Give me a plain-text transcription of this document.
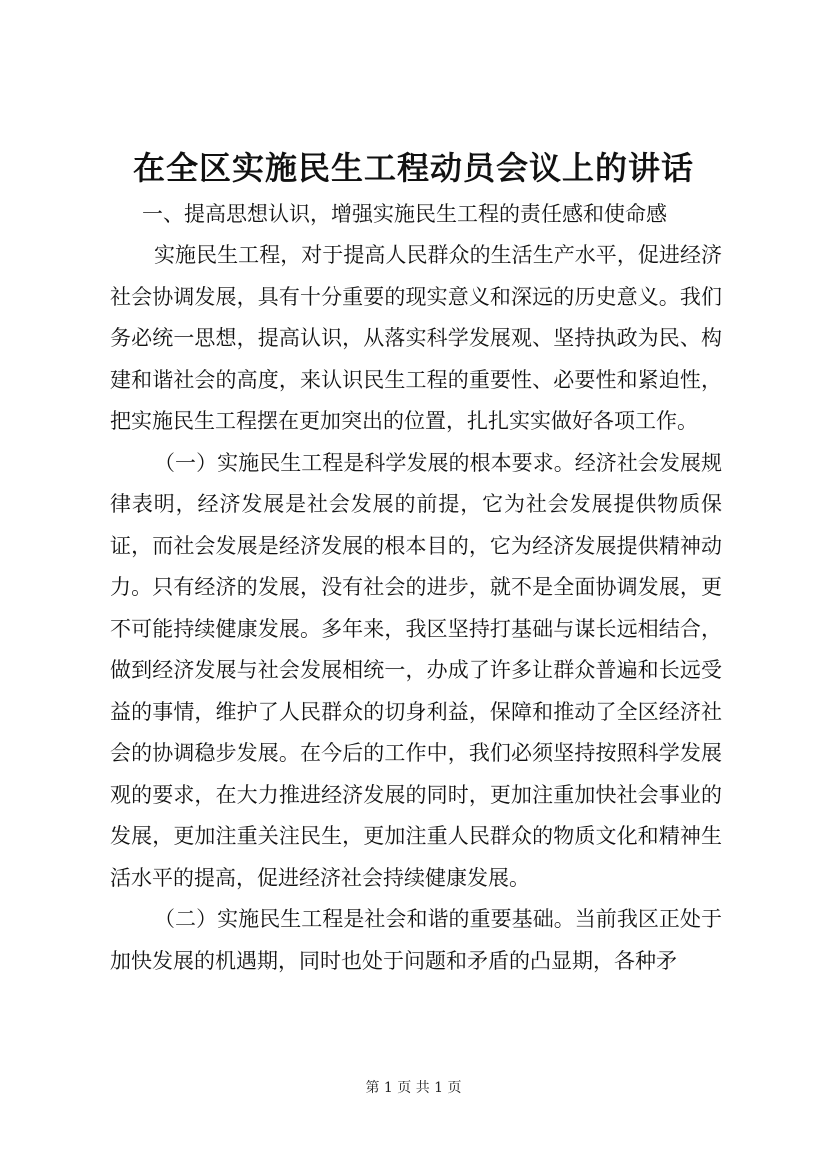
在全区实施民生工程动员会议上的讲话

一、提高思想认识，增强实施民生工程的责任感和使命感

实施民生工程，对于提高人民群众的生活生产水平，促进经济社会协调发展，具有十分重要的现实意义和深远的历史意义。我们务必统一思想，提高认识，从落实科学发展观、坚持执政为民、构建和谐社会的高度，来认识民生工程的重要性、必要性和紧迫性，把实施民生工程摆在更加突出的位置，扎扎实实做好各项工作。

（一）实施民生工程是科学发展的根本要求。经济社会发展规律表明，经济发展是社会发展的前提，它为社会发展提供物质保证，而社会发展是经济发展的根本目的，它为经济发展提供精神动力。只有经济的发展，没有社会的进步，就不是全面协调发展，更不可能持续健康发展。多年来，我区坚持打基础与谋长远相结合，做到经济发展与社会发展相统一，办成了许多让群众普遍和长远受益的事情，维护了人民群众的切身利益，保障和推动了全区经济社会的协调稳步发展。在今后的工作中，我们必须坚持按照科学发展观的要求，在大力推进经济发展的同时，更加注重加快社会事业的发展，更加注重关注民生，更加注重人民群众的物质文化和精神生活水平的提高，促进经济社会持续健康发展。

（二）实施民生工程是社会和谐的重要基础。当前我区正处于加快发展的机遇期，同时也处于问题和矛盾的凸显期，各种矛

第 1 页 共 1 页
